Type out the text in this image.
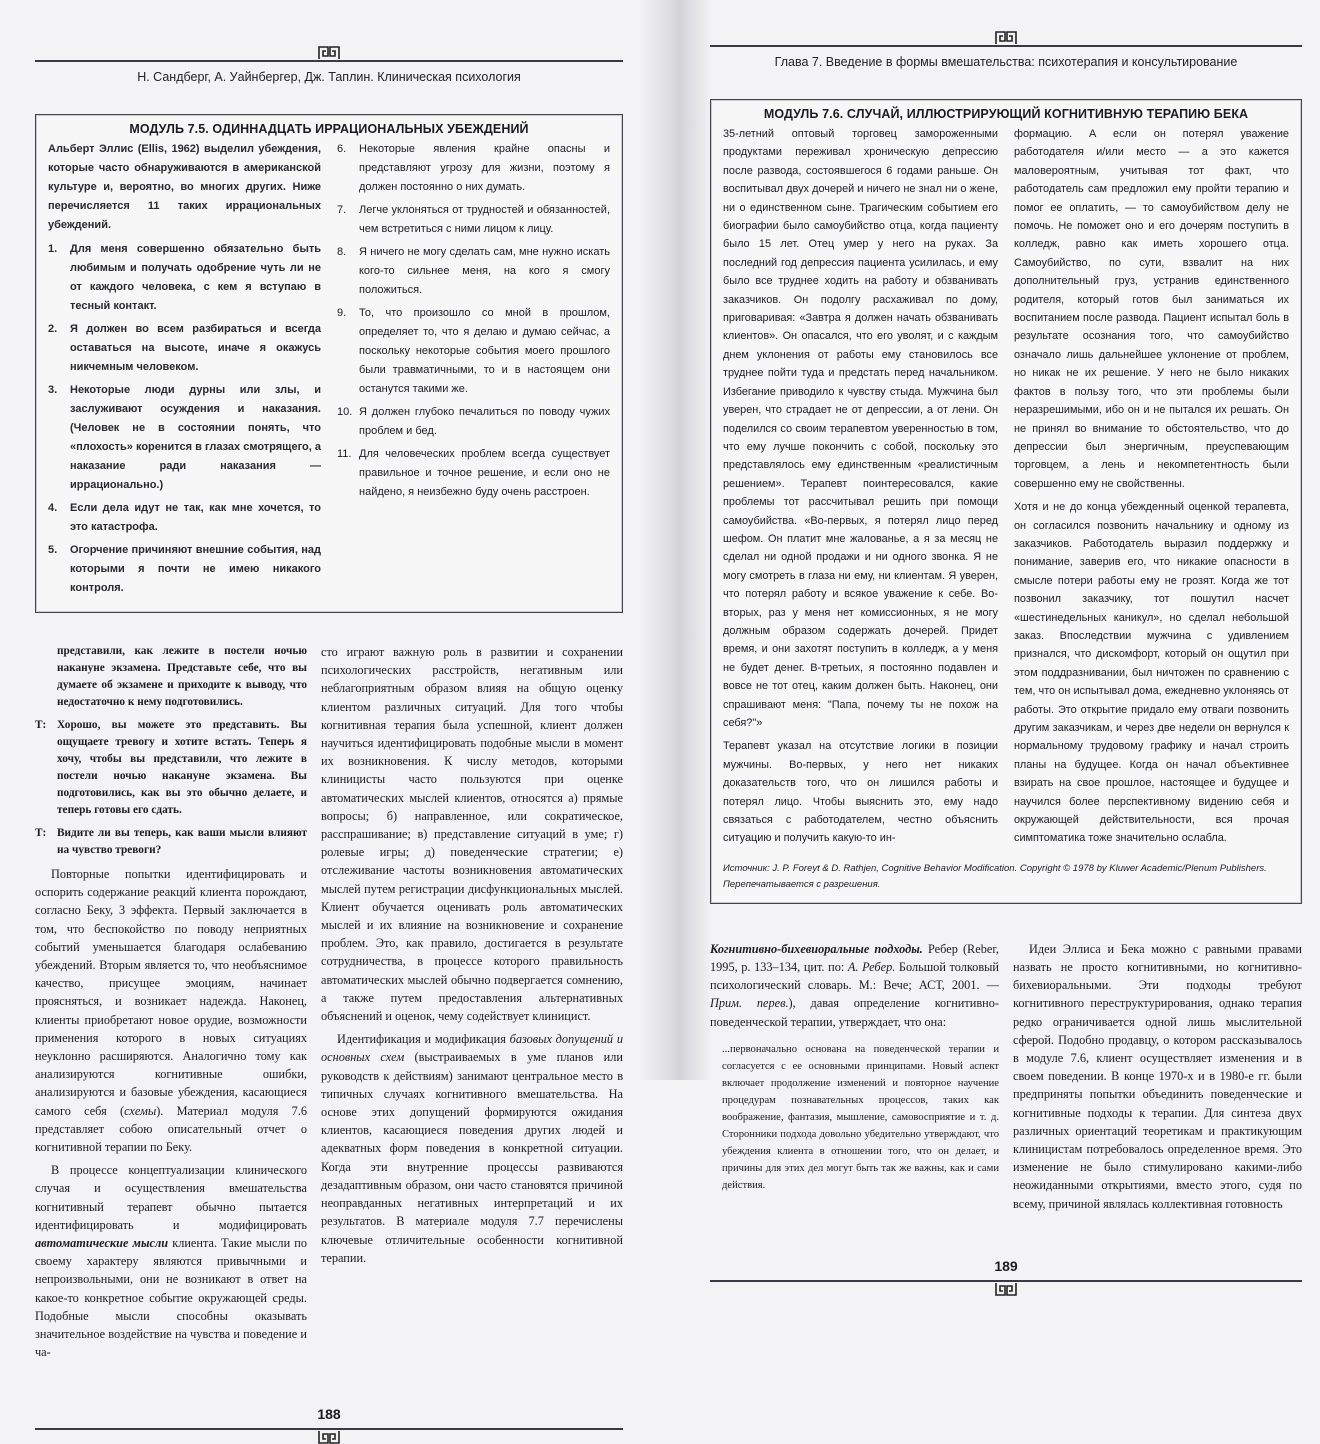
Н. Сандберг, А. Уайнбергер, Дж. Таплин. Клиническая психология
МОДУЛЬ 7.5. ОДИННАДЦАТЬ ИРРАЦИОНАЛЬНЫХ УБЕЖДЕНИЙ

Альберт Эллис (Ellis, 1962) выделил убеждения, которые часто обнаруживаются в американской культуре и, вероятно, во многих других. Ниже перечисляется 11 таких иррациональных убеждений.

1.	Для меня совершенно обязательно быть любимым и получать одобрение чуть ли не от каждого человека, с кем я вступаю в тесный контакт.
2.	Я должен во всем разбираться и всегда оставаться на высоте, иначе я окажусь никчемным человеком.
3.	Некоторые люди дурны или злы, и заслуживают осуждения и наказания. (Человек не в состоянии понять, что «плохость» коренится в глазах смотрящего, а наказание ради наказания — иррационально.)
4.	Если дела идут не так, как мне хочется, то это катастрофа.
5.	Огорчение причиняют внешние события, над которыми я почти не имею никакого контроля.
6.	Некоторые явления крайне опасны и представляют угрозу для жизни, поэтому я должен постоянно о них думать.
7.	Легче уклоняться от трудностей и обязанностей, чем встретиться с ними лицом к лицу.
8.	Я ничего не могу сделать сам, мне нужно искать кого-то сильнее меня, на кого я смогу положиться.
9.	То, что произошло со мной в прошлом, определяет то, что я делаю и думаю сейчас, а поскольку некоторые события моего прошлого были травматичными, то и в настоящем они останутся такими же.
10. Я должен глубоко печалиться по поводу чужих проблем и бед.
11. Для человеческих проблем всегда существует правильное и точное решение, и если оно не найдено, я неизбежно буду очень расстроен.
представили, как лежите в постели ночью накануне экзамена. Представьте себе, что вы думаете об экзамене и приходите к выводу, что недостаточно к нему подготовились.
Т: Хорошо, вы можете это представить. Вы ощущаете тревогу и хотите встать. Теперь я хочу, чтобы вы представили, что лежите в постели ночью накануне экзамена. Вы подготовились, как вы это обычно делаете, и теперь готовы его сдать.
Т: Видите ли вы теперь, как ваши мысли влияют на чувство тревоги?

Повторные попытки идентифицировать и оспорить содержание реакций клиента порождают, согласно Беку, 3 эффекта. Первый заключается в том, что беспокойство по поводу неприятных событий уменьшается благодаря ослабеванию убеждений. Вторым является то, что необъяснимое качество, присущее эмоциям, начинает проясняться, и возникает надежда. Наконец, клиенты приобретают новое орудие, возможности применения которого в новых ситуациях неуклонно расширяются. Аналогично тому как анализируются когнитивные ошибки, анализируются и базовые убеждения, касающиеся самого себя (схемы). Материал модуля 7.6 представляет собою описательный отчет о когнитивной терапии по Беку.

В процессе концептуализации клинического случая и осуществления вмешательства когнитивный терапевт обычно пытается идентифицировать и модифицировать автоматические мысли клиента. Такие мысли по своему характеру являются привычными и непроизвольными, они не возникают в ответ на какое-то конкретное событие окружающей среды. Подобные мысли способны оказывать значительное воздействие на чувства и поведение и ча-

сто играют важную роль в развитии и сохранении психологических расстройств, негативным или неблагоприятным образом влияя на общую оценку клиентом различных ситуаций. Для того чтобы когнитивная терапия была успешной, клиент должен научиться идентифицировать подобные мысли в момент их возникновения. К числу методов, которыми клиницисты часто пользуются при оценке автоматических мыслей клиентов, относятся а) прямые вопросы; б) направленное, или сократическое, расспрашивание; в) представление ситуаций в уме; г) ролевые игры; д) поведенческие стратегии; е) отслеживание частоты возникновения автоматических мыслей путем регистрации дисфункциональных мыслей. Клиент обучается оценивать роль автоматических мыслей и их влияние на возникновение и сохранение проблем. Это, как правило, достигается в результате сотрудничества, в процессе которого правильность автоматических мыслей обычно подвергается сомнению, а также путем предоставления альтернативных объяснений и оценок, чему содействует клиницист.

Идентификация и модификация базовых допущений и основных схем (выстраиваемых в уме планов или руководств к действиям) занимают центральное место в типичных случаях когнитивного вмешательства. На основе этих допущений формируются ожидания клиентов, касающиеся поведения других людей и адекватных форм поведения в конкретной ситуации. Когда эти внутренние процессы развиваются дезадаптивным образом, они часто становятся причиной неоправданных негативных интерпретаций и их результатов. В материале модуля 7.7 перечислены ключевые отличительные особенности когнитивной терапии.

188
Глава 7. Введение в формы вмешательства: психотерапия и консультирование
МОДУЛЬ 7.6. СЛУЧАЙ, ИЛЛЮСТРИРУЮЩИЙ КОГНИТИВНУЮ ТЕРАПИЮ БЕКА

35-летний оптовый торговец замороженными продуктами переживал хроническую депрессию после развода, состоявшегося 6 годами раньше. Он воспитывал двух дочерей и ничего не знал ни о жене, ни о единственном сыне. Трагическим событием его биографии было самоубийство отца, когда пациенту было 15 лет. Отец умер у него на руках. За последний год депрессия пациента усилилась, и ему было все труднее ходить на работу и обзванивать заказчиков. Он подолгу расхаживал по дому, приговаривая: «Завтра я должен начать обзванивать клиентов». Он опасался, что его уволят, и с каждым днем уклонения от работы ему становилось все труднее пойти туда и предстать перед начальником. Избегание приводило к чувству стыда. Мужчина был уверен, что страдает не от депрессии, а от лени. Он поделился со своим терапевтом уверенностью в том, что ему лучше покончить с собой, поскольку это представлялось ему единственным «реалистичным решением». Терапевт поинтересовался, какие проблемы тот рассчитывал решить при помощи самоубийства. «Во-первых, я потерял лицо перед шефом. Он платит мне жалованье, а я за месяц не сделал ни одной продажи и ни одного звонка. Я не могу смотреть в глаза ни ему, ни клиентам. Я уверен, что потерял работу и всякое уважение к себе. Во-вторых, раз у меня нет комиссионных, я не могу должным образом содержать дочерей. Придет время, и они захотят поступить в колледж, а у меня не будет денег. В-третьих, я постоянно подавлен и вовсе не тот отец, каким должен быть. Наконец, они спрашивают меня: "Папа, почему ты не похож на себя?"»

Терапевт указал на отсутствие логики в позиции мужчины. Во-первых, у него нет никаких доказательств того, что он лишился работы и потерял лицо. Чтобы выяснить это, ему надо связаться с работодателем, честно объяснить ситуацию и получить какую-то ин-

формацию. А если он потерял уважение работодателя и/или место — а это кажется маловероятным, учитывая тот факт, что работодатель сам предложил ему пройти терапию и помог ее оплатить, — то самоубийством делу не помочь. Не поможет оно и его дочерям поступить в колледж, равно как иметь хорошего отца. Самоубийство, по сути, взвалит на них дополнительный груз, устранив единственного родителя, который готов был заниматься их воспитанием после развода. Пациент испытал боль в результате осознания того, что самоубийство означало лишь дальнейшее уклонение от проблем, но никак не их решение. У него не было никаких фактов в пользу того, что эти проблемы были неразрешимыми, ибо он и не пытался их решать. Он не принял во внимание то обстоятельство, что до депрессии был энергичным, преуспевающим торговцем, а лень и некомпетентность были совершенно ему не свойственны.

Хотя и не до конца убежденный оценкой терапевта, он согласился позвонить начальнику и одному из заказчиков. Работодатель выразил поддержку и понимание, заверив его, что никакие опасности в смысле потери работы ему не грозят. Когда же тот позвонил заказчику, тот пошутил насчет «шестинедельных каникул», но сделал небольшой заказ. Впоследствии мужчина с удивлением признался, что дискомфорт, который он ощутил при этом поддразнивании, был ничтожен по сравнению с тем, что он испытывал дома, ежедневно уклоняясь от работы. Это открытие придало ему отваги позвонить другим заказчикам, и через две недели он вернулся к нормальному трудовому графику и начал строить планы на будущее. Когда он начал объективнее взирать на свое прошлое, настоящее и будущее и научился более перспективному видению себя и окружающей действительности, вся прочая симптоматика тоже значительно ослабла.

Источник: J. P. Foreyt & D. Rathjen, Cognitive Behavior Modification. Copyright © 1978 by Kluwer Academic/Plenum Publishers.
Перепечатывается с разрешения.

Когнитивно-бихевиоральные подходы. Ребер (Reber, 1995, p. 133–134, цит. по: А. Ребер. Большой толковый психологический словарь. М.: Вече; АСТ, 2001. — Прим. перев.), давая определение когнитивно-поведенческой терапии, утверждает, что она:

...первоначально основана на поведенческой терапии и согласуется с ее основными принципами. Новый аспект включает продолжение изменений и повторное научение процедурам познавательных процессов, таких как воображение, фантазия, мышление, самовосприятие и т. д. Сторонники подхода довольно убедительно утверждают, что убеждения клиента в отношении того, что он делает, и причины для этих дел могут быть так же важны, как и сами действия.

Идеи Эллиса и Бека можно с равными правами назвать не просто когнитивными, но когнитивно-бихевиоральными. Эти подходы требуют когнитивного переструктурирования, однако терапия редко ограничивается одной лишь мыслительной сферой. Подобно продавцу, о котором рассказывалось в модуле 7.6, клиент осуществляет изменения и в своем поведении. В конце 1970-х и в 1980-е гг. были предприняты попытки объединить поведенческие и когнитивные подходы к терапии. Для синтеза двух различных ориентаций теоретикам и практикующим клиницистам потребовалось определенное время. Это изменение не было стимулировано какими-либо неожиданными открытиями, вместо этого, судя по всему, причиной являлась коллективная готовность

189
